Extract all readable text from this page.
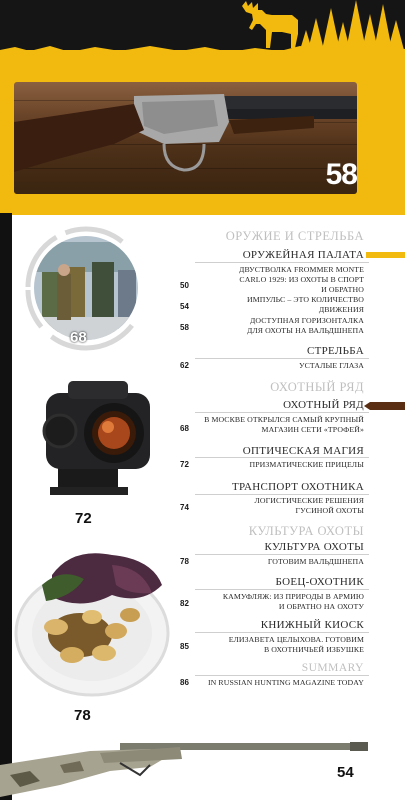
58
68
72
78
54
ОРУЖИЕ И СТРЕЛЬБА
ОРУЖЕЙНАЯ ПАЛАТА
ДВУСТВОЛКА FROMMER MONTE
CARLO 1929: ИЗ ОХОТЫ В СПОРТ
И ОБРАТНО
50
ИМПУЛЬС – ЭТО КОЛИЧЕСТВО
ДВИЖЕНИЯ
54
ДОСТУПНАЯ ГОРИЗОНТАЛКА
ДЛЯ ОХОТЫ НА ВАЛЬДШНЕПА
58
СТРЕЛЬБА
УСТАЛЫЕ ГЛАЗА
62
ОХОТНЫЙ РЯД
ОХОТНЫЙ РЯД
В МОСКВЕ ОТКРЫЛСЯ САМЫЙ КРУПНЫЙ
МАГАЗИН СЕТИ «ТРОФЕЙ»
68
ОПТИЧЕСКАЯ МАГИЯ
ПРИЗМАТИЧЕСКИЕ ПРИЦЕЛЫ
72
ТРАНСПОРТ ОХОТНИКА
ЛОГИСТИЧЕСКИЕ РЕШЕНИЯ
ГУСИНОЙ ОХОТЫ
74
КУЛЬТУРА ОХОТЫ
КУЛЬТУРА ОХОТЫ
ГОТОВИМ ВАЛЬДШНЕПА
78
БОЕЦ-ОХОТНИК
КАМУФЛЯЖ: ИЗ ПРИРОДЫ В АРМИЮ
И ОБРАТНО НА ОХОТУ
82
КНИЖНЫЙ КИОСК
ЕЛИЗАВЕТА ЦЕЛЫХОВА. ГОТОВИМ
В ОХОТНИЧЬЕЙ ИЗБУШКЕ
85
SUMMARY
IN RUSSIAN HUNTING MAGAZINE TODAY
86
